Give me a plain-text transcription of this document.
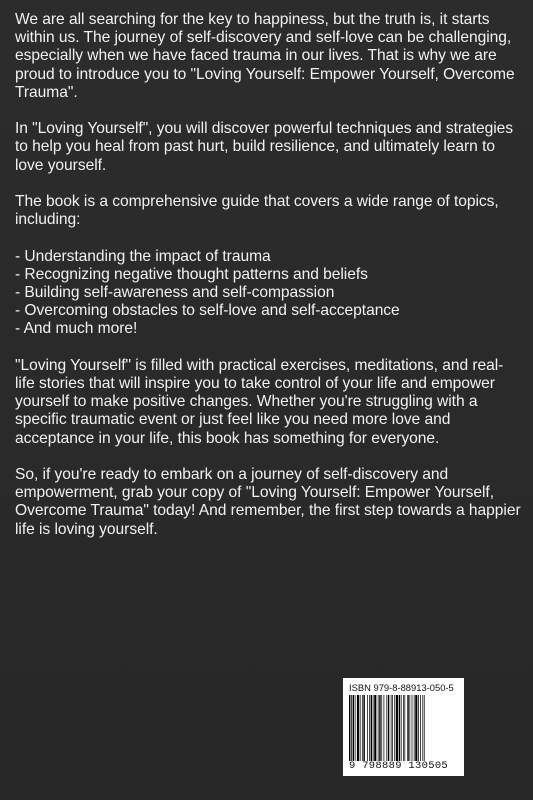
We are all searching for the key to happiness, but the truth is, it starts within us. The journey of self-discovery and self-love can be challenging, especially when we have faced trauma in our lives. That is why we are proud to introduce you to "Loving Yourself: Empower Yourself, Overcome Trauma".

In "Loving Yourself", you will discover powerful techniques and strategies to help you heal from past hurt, build resilience, and ultimately learn to love yourself.

The book is a comprehensive guide that covers a wide range of topics, including:

- Understanding the impact of trauma
- Recognizing negative thought patterns and beliefs
- Building self-awareness and self-compassion
- Overcoming obstacles to self-love and self-acceptance
- And much more!

"Loving Yourself" is filled with practical exercises, meditations, and real-life stories that will inspire you to take control of your life and empower yourself to make positive changes. Whether you're struggling with a specific traumatic event or just feel like you need more love and acceptance in your life, this book has something for everyone.

So, if you're ready to embark on a journey of self-discovery and empowerment, grab your copy of "Loving Yourself: Empower Yourself, Overcome Trauma" today! And remember, the first step towards a happier life is loving yourself.

ISBN 979-8-88913-050-5
9 798889 130505
